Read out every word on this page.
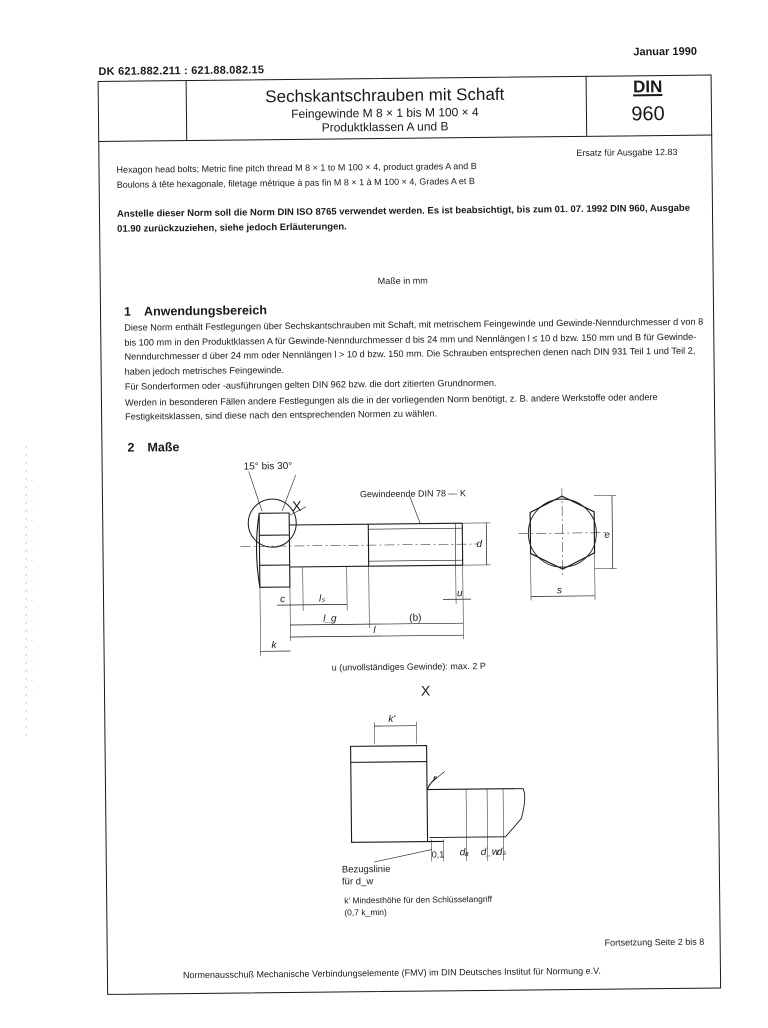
DK 621.882.211 : 621.88.082.15
Januar 1990
Sechskantschrauben mit Schaft
Feingewinde M 8 × 1 bis M 100 × 4
Produktklassen A und B
DIN
960
Hexagon head bolts; Metric fine pitch thread M 8 × 1 to M 100 × 4, product grades A and B
Boulons à tête hexagonale, filetage métrique à pas fin M 8 × 1 à M 100 × 4, Grades A et B
Ersatz für Ausgabe 12.83
Anstelle dieser Norm soll die Norm DIN ISO 8765 verwendet werden. Es ist beabsichtigt, bis zum 01. 07. 1992 DIN 960, Ausgabe 01.90 zurückzuziehen, siehe jedoch Erläuterungen.
Maße in mm
1 Anwendungsbereich

Diese Norm enthält Festlegungen über Sechskantschrauben mit Schaft, mit metrischem Feingewinde und Gewinde-Nenndurchmesser d von 8 bis 100 mm in den Produktklassen A für Gewinde-Nenndurchmesser d bis 24 mm und Nennlängen l ≤ 10 d bzw. 150 mm und B für Gewinde-Nenndurchmesser d über 24 mm oder Nennlängen l > 10 d bzw. 150 mm. Die Schrauben entsprechen denen nach DIN 931 Teil 1 und Teil 2, haben jedoch metrisches Feingewinde.

Für Sonderformen oder -ausführungen gelten DIN 962 bzw. die dort zitierten Grundnormen.

Werden in besonderen Fällen andere Festlegungen als die in der vorliegenden Norm benötigt, z. B. andere Werkstoffe oder andere Festigkeitsklassen, sind diese nach den entsprechenden Normen zu wählen.

2 Maße
15° bis 30°
X
Gewindeende DIN 78 — K
d
e
s
c	lₛ	u
l_g	(b)
k
l
u (unvollständiges Gewinde): max. 2 P
X
k'
r
0,1 dₐ d_w
dₛ
Bezugslinie
für d_w
k' Mindesthöhe für den Schlüsselangriff
(0,7 k_min)
Fortsetzung Seite 2 bis 8
Normenausschuß Mechanische Verbindungselemente (FMV) im DIN Deutsches Institut für Normung e.V.
